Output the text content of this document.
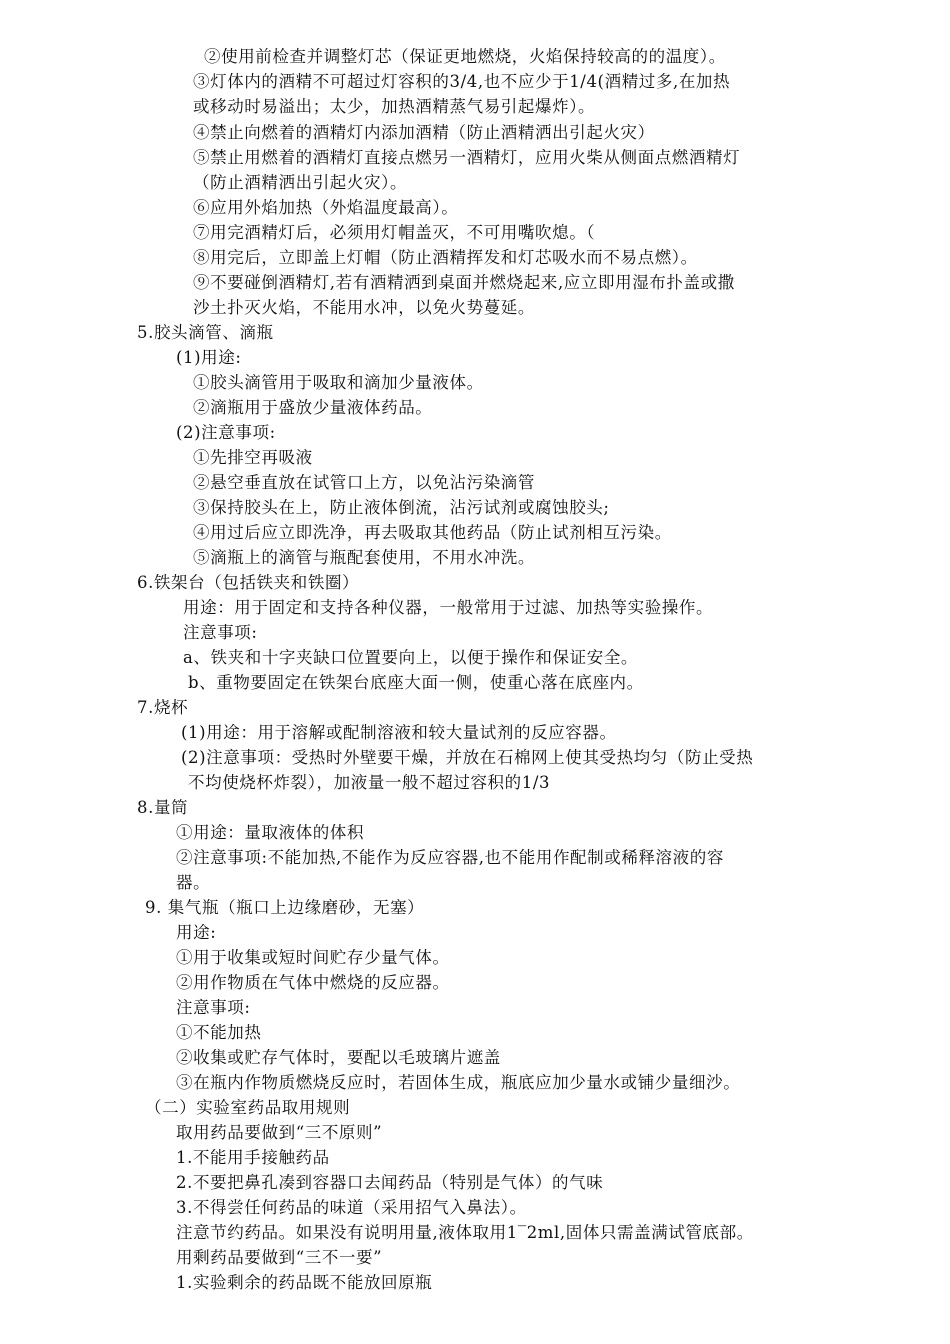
②使用前检查并调整灯芯（保证更地燃烧，火焰保持较高的的温度）。
③灯体内的酒精不可超过灯容积的3/4,也不应少于1/4(酒精过多,在加热
或移动时易溢出；太少，加热酒精蒸气易引起爆炸）。
④禁止向燃着的酒精灯内添加酒精（防止酒精洒出引起火灾）
⑤禁止用燃着的酒精灯直接点燃另一酒精灯，应用火柴从侧面点燃酒精灯
（防止酒精洒出引起火灾）。
⑥应用外焰加热（外焰温度最高）。
⑦用完酒精灯后，必须用灯帽盖灭，不可用嘴吹熄。（
⑧用完后，立即盖上灯帽（防止酒精挥发和灯芯吸水而不易点燃）。
⑨不要碰倒酒精灯,若有酒精洒到桌面并燃烧起来,应立即用湿布扑盖或撒
沙土扑灭火焰，不能用水冲，以免火势蔓延。
5.胶头滴管、滴瓶
(1)用途:
①胶头滴管用于吸取和滴加少量液体。
②滴瓶用于盛放少量液体药品。
(2)注意事项:
①先排空再吸液
②悬空垂直放在试管口上方，以免沾污染滴管
③保持胶头在上，防止液体倒流，沾污试剂或腐蚀胶头;
④用过后应立即洗净，再去吸取其他药品（防止试剂相互污染。
⑤滴瓶上的滴管与瓶配套使用，不用水冲洗。
6.铁架台（包括铁夹和铁圈）
用途：用于固定和支持各种仪器，一般常用于过滤、加热等实验操作。
注意事项:
a、铁夹和十字夹缺口位置要向上，以便于操作和保证安全。
b、重物要固定在铁架台底座大面一侧，使重心落在底座内。
7.烧杯
(1)用途：用于溶解或配制溶液和较大量试剂的反应容器。
(2)注意事项：受热时外壁要干燥，并放在石棉网上使其受热均匀（防止受热
不均使烧杯炸裂），加液量一般不超过容积的1/3
8.量筒
①用途：量取液体的体积
②注意事项:不能加热,不能作为反应容器,也不能用作配制或稀释溶液的容
器。
9. 集气瓶（瓶口上边缘磨砂，无塞）
用途:
①用于收集或短时间贮存少量气体。
②用作物质在气体中燃烧的反应器。
注意事项:
①不能加热
②收集或贮存气体时，要配以毛玻璃片遮盖
③在瓶内作物质燃烧反应时，若固体生成，瓶底应加少量水或铺少量细沙。
（二）实验室药品取用规则
取用药品要做到“三不原则”
1.不能用手接触药品
2.不要把鼻孔凑到容器口去闻药品（特别是气体）的气味
3.不得尝任何药品的味道（采用招气入鼻法）。
注意节约药品。如果没有说明用量,液体取用1‾2ml,固体只需盖满试管底部。
用剩药品要做到“三不一要”
1.实验剩余的药品既不能放回原瓶
